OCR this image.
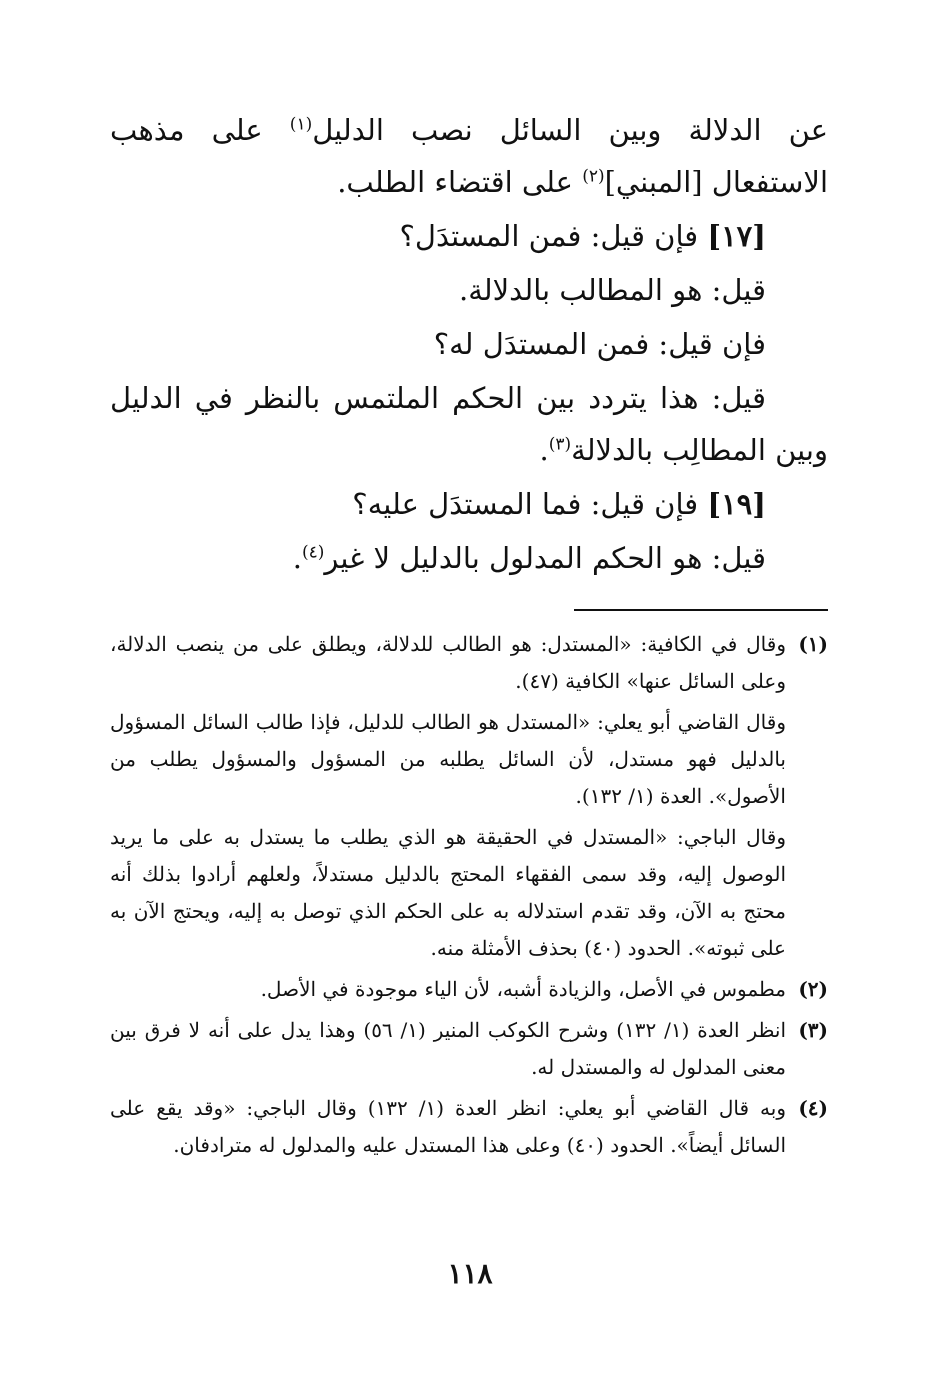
عن الدلالة وبين السائل نصب الدليل$^{(١)}$ على مذهب الاستفعال [المبني]$^{(٢)}$ على اقتضاء الطلب.

[١٧] فإن قيل: فمن المستدَل؟

قيل: هو المطالب بالدلالة.

فإن قيل: فمن المستدَل له؟

قيل: هذا يتردد بين الحكم الملتمس بالنظر في الدليل وبين المطالِب بالدلالة$^{(٣)}$.

[١٩] فإن قيل: فما المستدَل عليه؟

قيل: هو الحكم المدلول بالدليل لا غير$^{(٤)}$.

(١)

وقال في الكافية: «المستدل: هو الطالب للدلالة، ويطلق على من ينصب الدلالة، وعلى السائل عنها» الكافية (٤٧).

وقال القاضي أبو يعلي: «المستدل هو الطالب للدليل، فإذا طالب السائل المسؤول بالدليل فهو مستدل، لأن السائل يطلبه من المسؤول والمسؤول يطلب من الأصول». العدة (١/ ١٣٢).

وقال الباجي: «المستدل في الحقيقة هو الذي يطلب ما يستدل به على ما يريد الوصول إليه، وقد سمى الفقهاء المحتج بالدليل مستدلاً، ولعلهم أرادوا بذلك أنه محتج به الآن، وقد تقدم استدلاله به على الحكم الذي توصل به إليه، ويحتج الآن به على ثبوته». الحدود (٤٠) بحذف الأمثلة منه.

(٢)

مطموس في الأصل، والزيادة أشبه، لأن الياء موجودة في الأصل.

(٣)

انظر العدة (١/ ١٣٢) وشرح الكوكب المنير (١/ ٥٦) وهذا يدل على أنه لا فرق بين معنى المدلول له والمستدل له.

(٤)

وبه قال القاضي أبو يعلي: انظر العدة (١/ ١٣٢) وقال الباجي: «وقد يقع على السائل أيضاً». الحدود (٤٠) وعلى هذا المستدل عليه والمدلول له مترادفان.

١١٨
